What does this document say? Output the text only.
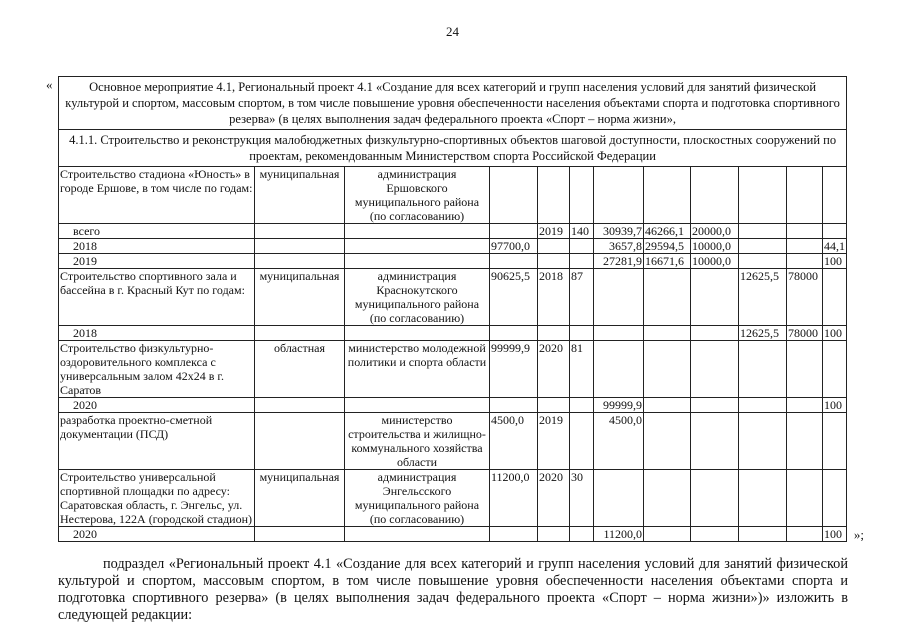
24
«	Основное мероприятие 4.1, Региональный проект 4.1 «Создание для всех категорий и групп населения условий для занятий физической культурой и спортом, массовым спортом, в том числе повышение уровня обеспеченности населения объектами спорта и подготовка спортивного резерва» (в целях выполнения задач федерального проекта «Спорт – норма жизни»,											
4.1.1. Строительство и реконструкция малобюджетных физкультурно-спортивных объектов шаговой доступности, плоскостных сооружений по проектам, рекомендованным Министерством спорта Российской Федерации											
Строительство стадиона «Юность» в городе Ершове, в том числе по годам:	муниципальная	администрация Ершовского муниципального района (по согласованию)									
всего				2019	140	30939,7	46266,1	20000,0			
2018			97700,0			3657,8	29594,5	10000,0			44,1
2019						27281,9	16671,6	10000,0			100
Строительство спортивного зала и бассейна в г. Красный Кут по годам:	муниципальная	администрация Краснокутского муниципального района (по согласованию)	90625,5	2018	87				12625,5	78000	
2018									12625,5	78000	100
Строительство физкультурно-оздоровительного комплекса с универсальным залом 42х24 в г. Саратов	областная	министерство молодежной политики и спорта области	99999,9	2020	81						
2020						99999,9					100
разработка проектно-сметной документации (ПСД)		министерство строительства и жилищно-коммунального хозяйства области	4500,0	2019		4500,0					
Строительство универсальной спортивной площадки по адресу: Саратовская область, г. Энгельс, ул. Нестерова, 122А (городской стадион)	муниципальная	администрация Энгельсского муниципального района (по согласованию)	11200,0	2020	30						
2020						11200,0					100 »;
подраздел «Региональный проект 4.1 «Создание для всех категорий и групп населения условий для занятий физической культурой и спортом, массовым спортом, в том числе повышение уровня обеспеченности населения объектами спорта и подготовка спортивного резерва» (в целях выполнения задач федерального проекта «Спорт – норма жизни»)» изложить в следующей редакции:
